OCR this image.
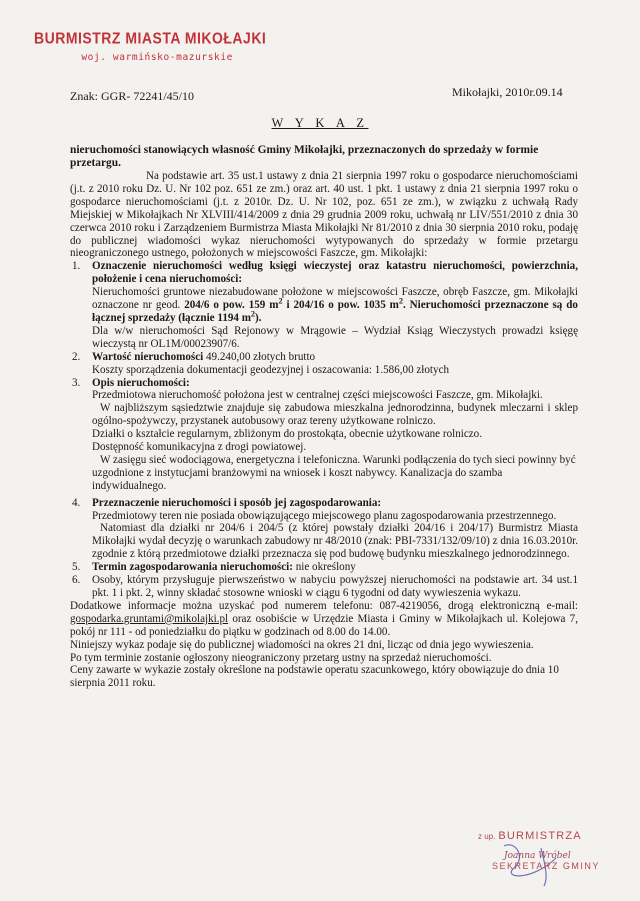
BURMISTRZ MIASTA MIKOŁAJKI
woj. warmińsko-mazurskie
Znak: GGR- 72241/45/10	Mikołajki, 2010r.09.14
W Y K A Z

nieruchomości stanowiących własność Gminy Mikołajki, przeznaczonych do sprzedaży w formie przetargu.

Na podstawie art. 35 ust.1 ustawy z dnia 21 sierpnia 1997 roku o gospodarce nieruchomościami (j.t. z 2010 roku Dz. U. Nr 102 poz. 651 ze zm.) oraz art. 40 ust. 1 pkt. 1 ustawy z dnia 21 sierpnia 1997 roku o gospodarce nieruchomościami (j.t. z 2010r. Dz. U. Nr 102, poz. 651 ze zm.), w związku z uchwałą Rady Miejskiej w Mikołajkach Nr XLVIII/414/2009 z dnia 29 grudnia 2009 roku, uchwałą nr LIV/551/2010 z dnia 30 czerwca 2010 roku i Zarządzeniem Burmistrza Miasta Mikołajki Nr 81/2010 z dnia 30 sierpnia 2010 roku, podaję do publicznej wiadomości wykaz nieruchomości wytypowanych do sprzedaży w formie przetargu nieograniczonego ustnego, położonych w miejscowości Faszcze, gm. Mikołajki:

1. Oznaczenie nieruchomości według księgi wieczystej oraz katastru nieruchomości, powierzchnia, położenie i cena nieruchomości:
Nieruchomości gruntowe niezabudowane położone w miejscowości Faszcze, obręb Faszcze, gm. Mikołajki oznaczone nr geod. 204/6 o pow. 159 $m^2$ i 204/16 o pow. 1035 $m^2$. Nieruchomości przeznaczone są do łącznej sprzedaży (łącznie 1194 $m^2$).
Dla w/w nieruchomości Sąd Rejonowy w Mrągowie – Wydział Ksiąg Wieczystych prowadzi księgę wieczystą nr OL1M/00023907/6.
2. Wartość nieruchomości 49.240,00 złotych brutto
Koszty sporządzenia dokumentacji geodezyjnej i oszacowania: 1.586,00 złotych
3. Opis nieruchomości:
Przedmiotowa nieruchomość położona jest w centralnej części miejscowości Faszcze, gm. Mikołajki.
W najbliższym sąsiedztwie znajduje się zabudowa mieszkalna jednorodzinna, budynek mleczarni i sklep ogólno-spożywczy, przystanek autobusowy oraz tereny użytkowane rolniczo.
Działki o kształcie regularnym, zbliżonym do prostokąta, obecnie użytkowane rolniczo.
Dostępność komunikacyjna z drogi powiatowej.
W zasięgu sieć wodociągowa, energetyczna i telefoniczna. Warunki podłączenia do tych sieci powinny być uzgodnione z instytucjami branżowymi na wniosek i koszt nabywcy. Kanalizacja do szamba indywidualnego.
4. Przeznaczenie nieruchomości i sposób jej zagospodarowania:
Przedmiotowy teren nie posiada obowiązującego miejscowego planu zagospodarowania przestrzennego.
Natomiast dla działki nr 204/6 i 204/5 (z której powstały działki 204/16 i 204/17) Burmistrz Miasta Mikołajki wydał decyzję o warunkach zabudowy nr 48/2010 (znak: PBI-7331/132/09/10) z dnia 16.03.2010r. zgodnie z którą przedmiotowe działki przeznacza się pod budowę budynku mieszkalnego jednorodzinnego.
5. Termin zagospodarowania nieruchomości: nie określony
6. Osoby, którym przysługuje pierwszeństwo w nabyciu powyższej nieruchomości na podstawie art. 34 ust.1 pkt. 1 i pkt. 2, winny składać stosowne wnioski w ciągu 6 tygodni od daty wywieszenia wykazu.

Dodatkowe informacje można uzyskać pod numerem telefonu: 087-4219056, drogą elektroniczną e-mail: gospodarka.gruntami@mikolajki.pl oraz osobiście w Urzędzie Miasta i Gminy w Mikołajkach ul. Kolejowa 7, pokój nr 111 - od poniedziałku do piątku w godzinach od 8.00 do 14.00.

Niniejszy wykaz podaje się do publicznej wiadomości na okres 21 dni, licząc od dnia jego wywieszenia.

Po tym terminie zostanie ogłoszony nieograniczony przetarg ustny na sprzedaż nieruchomości.

Ceny zawarte w wykazie zostały określone na podstawie operatu szacunkowego, który obowiązuje do dnia 10 sierpnia 2011 roku.

z up. BURMISTRZA
Joanna Wróbel
SEKRETARZ GMINY
